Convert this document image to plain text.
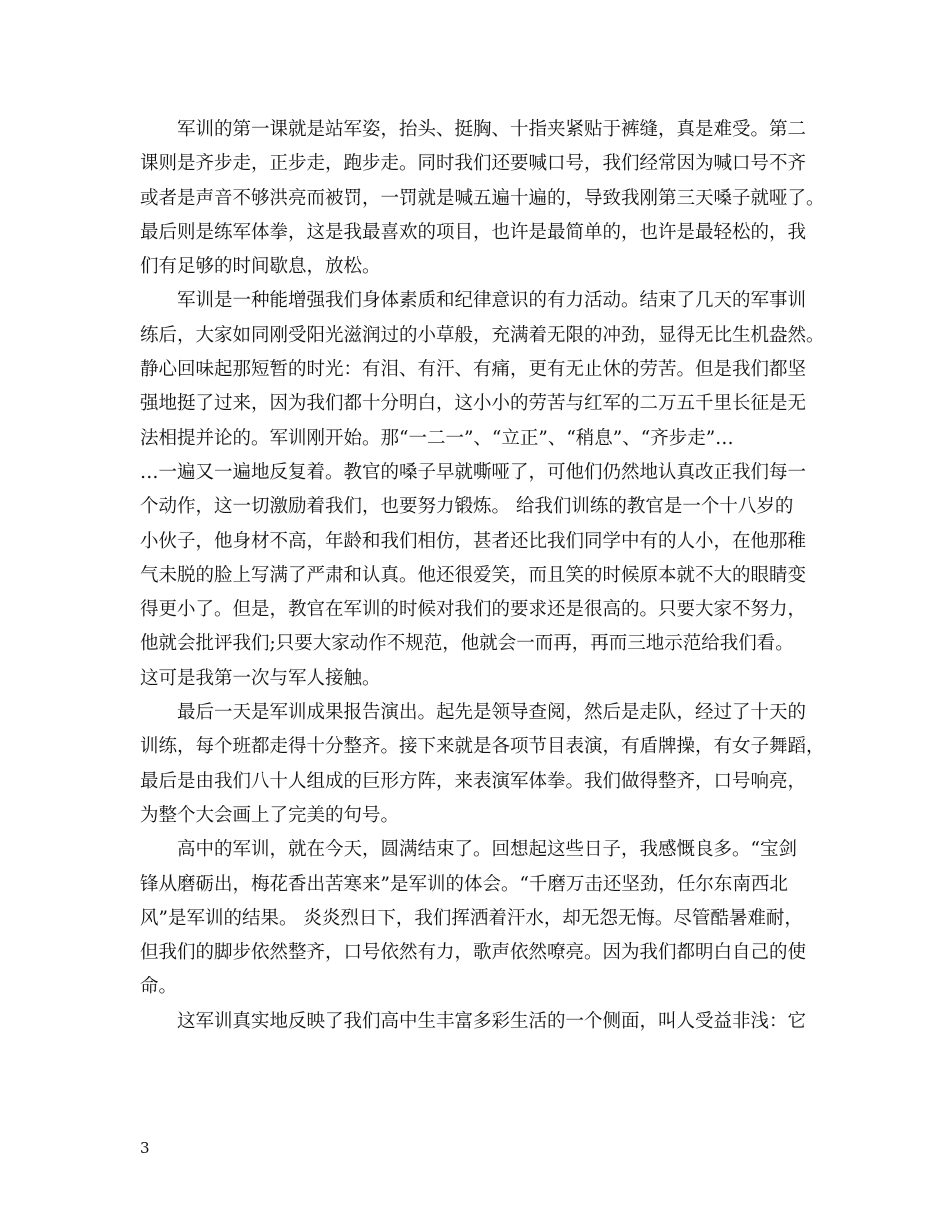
军训的第一课就是站军姿，抬头、挺胸、十指夹紧贴于裤缝，真是难受。第二
课则是齐步走，正步走，跑步走。同时我们还要喊口号，我们经常因为喊口号不齐
或者是声音不够洪亮而被罚，一罚就是喊五遍十遍的，导致我刚第三天嗓子就哑了。
最后则是练军体拳，这是我最喜欢的项目，也许是最简单的，也许是最轻松的，我
们有足够的时间歇息，放松。
军训是一种能增强我们身体素质和纪律意识的有力活动。结束了几天的军事训
练后，大家如同刚受阳光滋润过的小草般，充满着无限的冲劲，显得无比生机盎然。
静心回味起那短暂的时光：有泪、有汗、有痛，更有无止休的劳苦。但是我们都坚
强地挺了过来，因为我们都十分明白，这小小的劳苦与红军的二万五千里长征是无
法相提并论的。军训刚开始。那“一二一”、“立正”、“稍息”、“齐步走”…
…一遍又一遍地反复着。教官的嗓子早就嘶哑了，可他们仍然地认真改正我们每一
个动作，这一切激励着我们，也要努力锻炼。 给我们训练的教官是一个十八岁的
小伙子，他身材不高，年龄和我们相仿，甚者还比我们同学中有的人小，在他那稚
气未脱的脸上写满了严肃和认真。他还很爱笑，而且笑的时候原本就不大的眼睛变
得更小了。但是，教官在军训的时候对我们的要求还是很高的。只要大家不努力，
他就会批评我们;只要大家动作不规范，他就会一而再，再而三地示范给我们看。
这可是我第一次与军人接触。
最后一天是军训成果报告演出。起先是领导查阅，然后是走队，经过了十天的
训练，每个班都走得十分整齐。接下来就是各项节目表演，有盾牌操，有女子舞蹈，
最后是由我们八十人组成的巨形方阵，来表演军体拳。我们做得整齐，口号响亮，
为整个大会画上了完美的句号。
高中的军训，就在今天，圆满结束了。回想起这些日子，我感慨良多。“宝剑
锋从磨砺出，梅花香出苦寒来”是军训的体会。“千磨万击还坚劲，任尔东南西北
风”是军训的结果。 炎炎烈日下，我们挥洒着汗水，却无怨无悔。尽管酷暑难耐，
但我们的脚步依然整齐，口号依然有力，歌声依然嘹亮。因为我们都明白自己的使
命。
这军训真实地反映了我们高中生丰富多彩生活的一个侧面，叫人受益非浅：它
3
